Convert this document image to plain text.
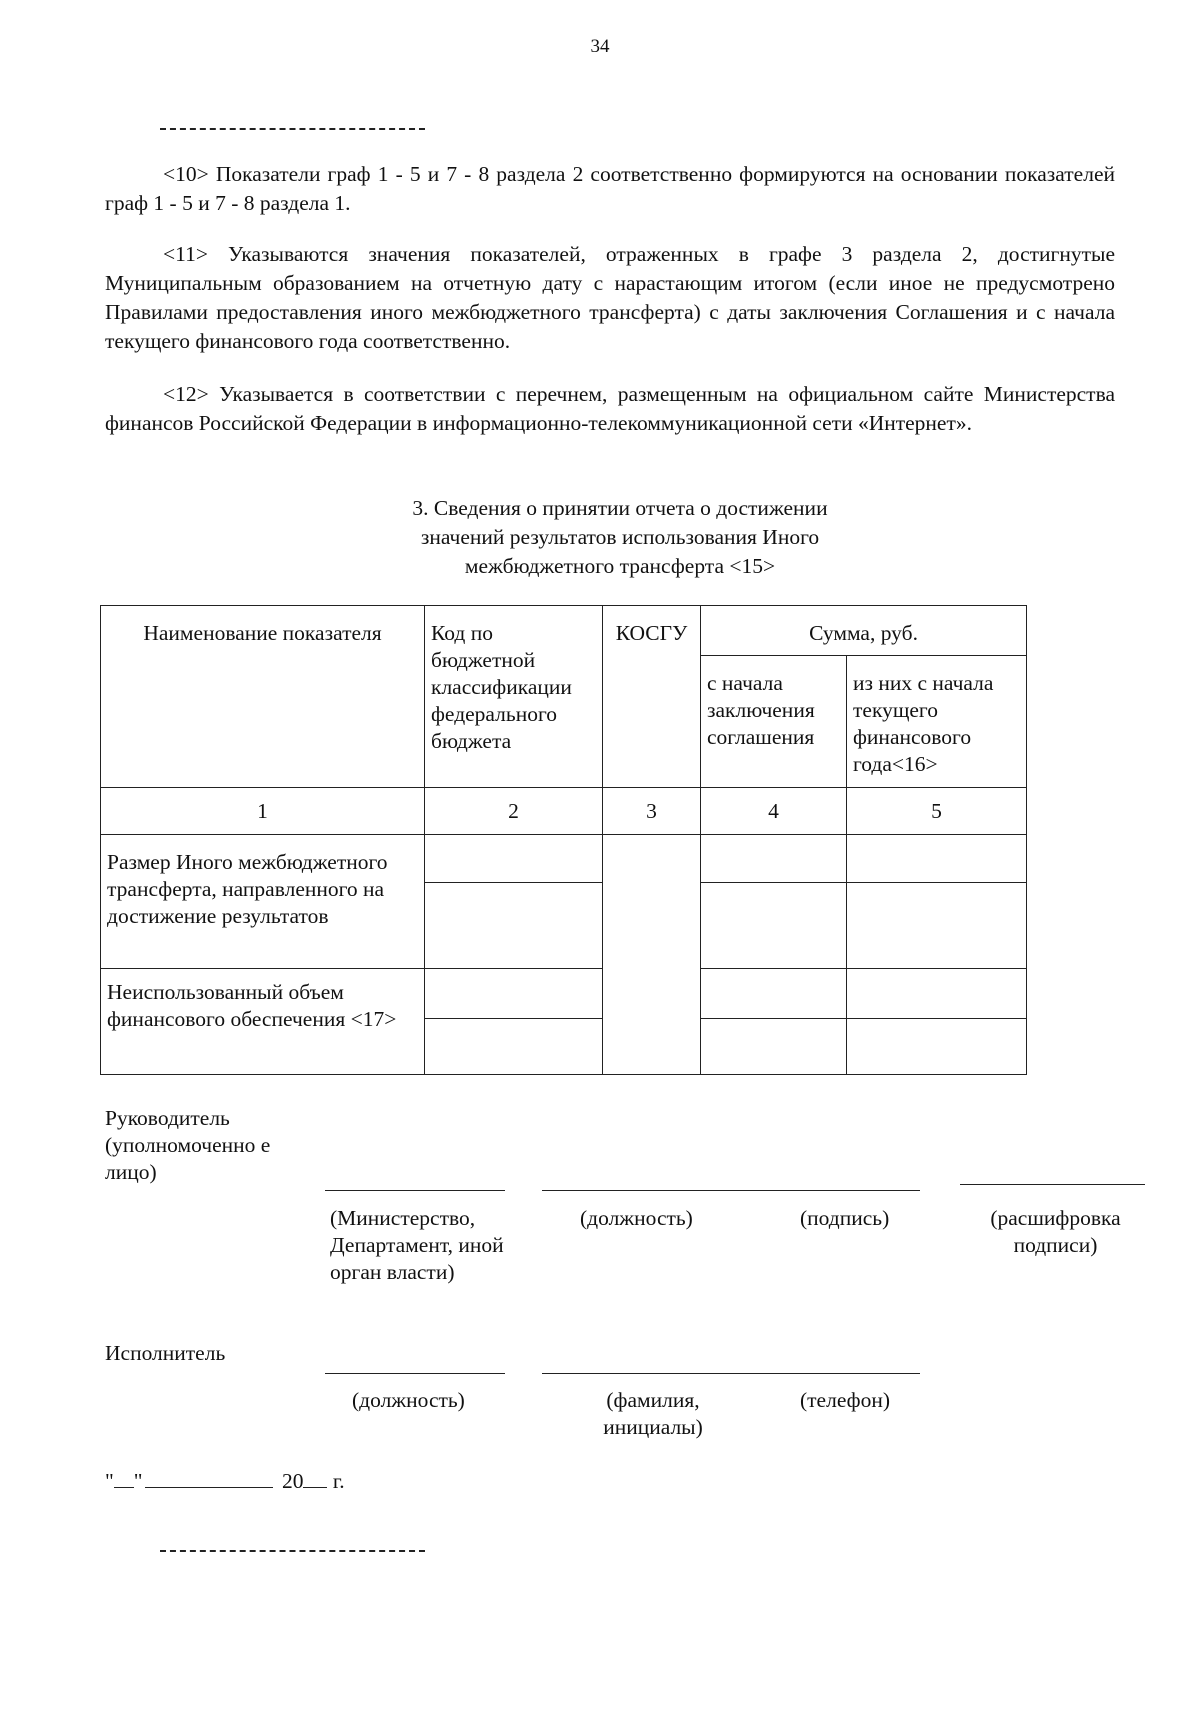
34

<10> Показатели граф 1 - 5 и 7 - 8 раздела 2 соответственно формируются на основании показателей граф 1 - 5 и 7 - 8 раздела 1.

<11> Указываются значения показателей, отраженных в графе 3 раздела 2, достигнутые Муниципальным образованием на отчетную дату с нарастающим итогом (если иное не предусмотрено Правилами предоставления иного межбюджетного трансферта) с даты заключения Соглашения и с начала текущего финансового года соответственно.

<12> Указывается в соответствии с перечнем, размещенным на официальном сайте Министерства финансов Российской Федерации в информационно-телекоммуникационной сети «Интернет».

3. Сведения о принятии отчета о достижении
значений результатов использования Иного
межбюджетного трансферта <15>
Наименование показателя	Код по бюджетной классификации федерального бюджета	КОСГУ	Сумма, руб.	
			с начала заключения соглашения	из них с начала текущего финансового года<16>
1	2	3	4	5
Размер Иного межбюджетного трансферта, направленного на достижение результатов				

Неиспользованный объем финансового обеспечения <17>				

Руководитель (уполномоченно е лицо)
(Министерство, Департамент, иной орган власти)
(должность)	(подпись)	(расшифровка подписи)
Исполнитель
(должность)	(фамилия, инициалы)
(телефон)
" "	20 г.
